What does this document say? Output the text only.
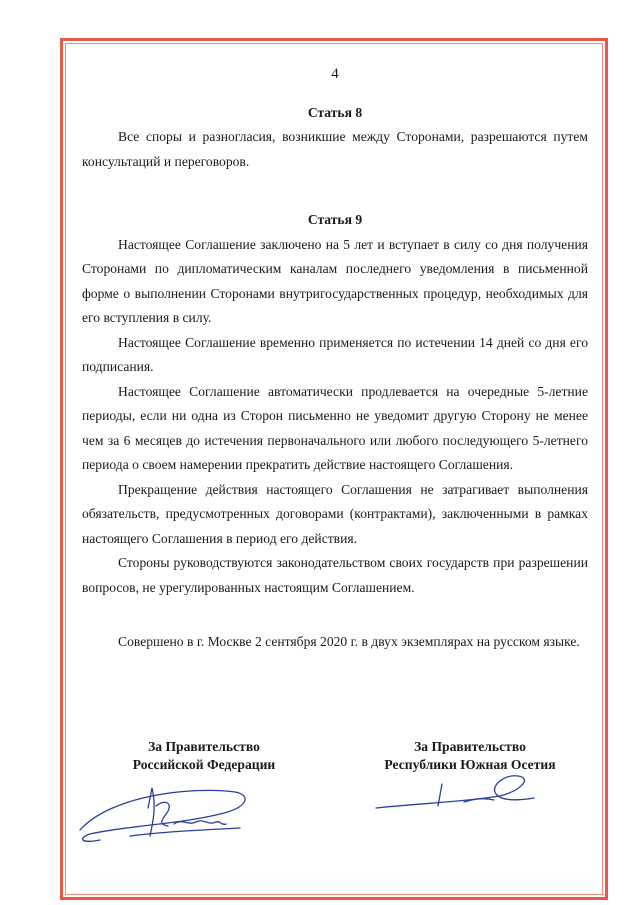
4
Статья 8

Все споры и разногласия, возникшие между Сторонами, разрешаются путем консультаций и переговоров.

Статья 9

Настоящее Соглашение заключено на 5 лет и вступает в силу со дня получения Сторонами по дипломатическим каналам последнего уведомления в письменной форме о выполнении Сторонами внутригосударственных процедур, необходимых для его вступления в силу.

Настоящее Соглашение временно применяется по истечении 14 дней со дня его подписания.

Настоящее Соглашение автоматически продлевается на очередные 5-летние периоды, если ни одна из Сторон письменно не уведомит другую Сторону не менее чем за 6 месяцев до истечения первоначального или любого последующего 5-летнего периода о своем намерении прекратить действие настоящего Соглашения.

Прекращение действия настоящего Соглашения не затрагивает выполнения обязательств, предусмотренных договорами (контрактами), заключенными в рамках настоящего Соглашения в период его действия.

Стороны руководствуются законодательством своих государств при разрешении вопросов, не урегулированных настоящим Соглашением.

Совершено в г. Москве 2 сентября 2020 г. в двух экземплярах на русском языке.

За Правительство
Российской Федерации
За Правительство
Республики Южная Осетия
